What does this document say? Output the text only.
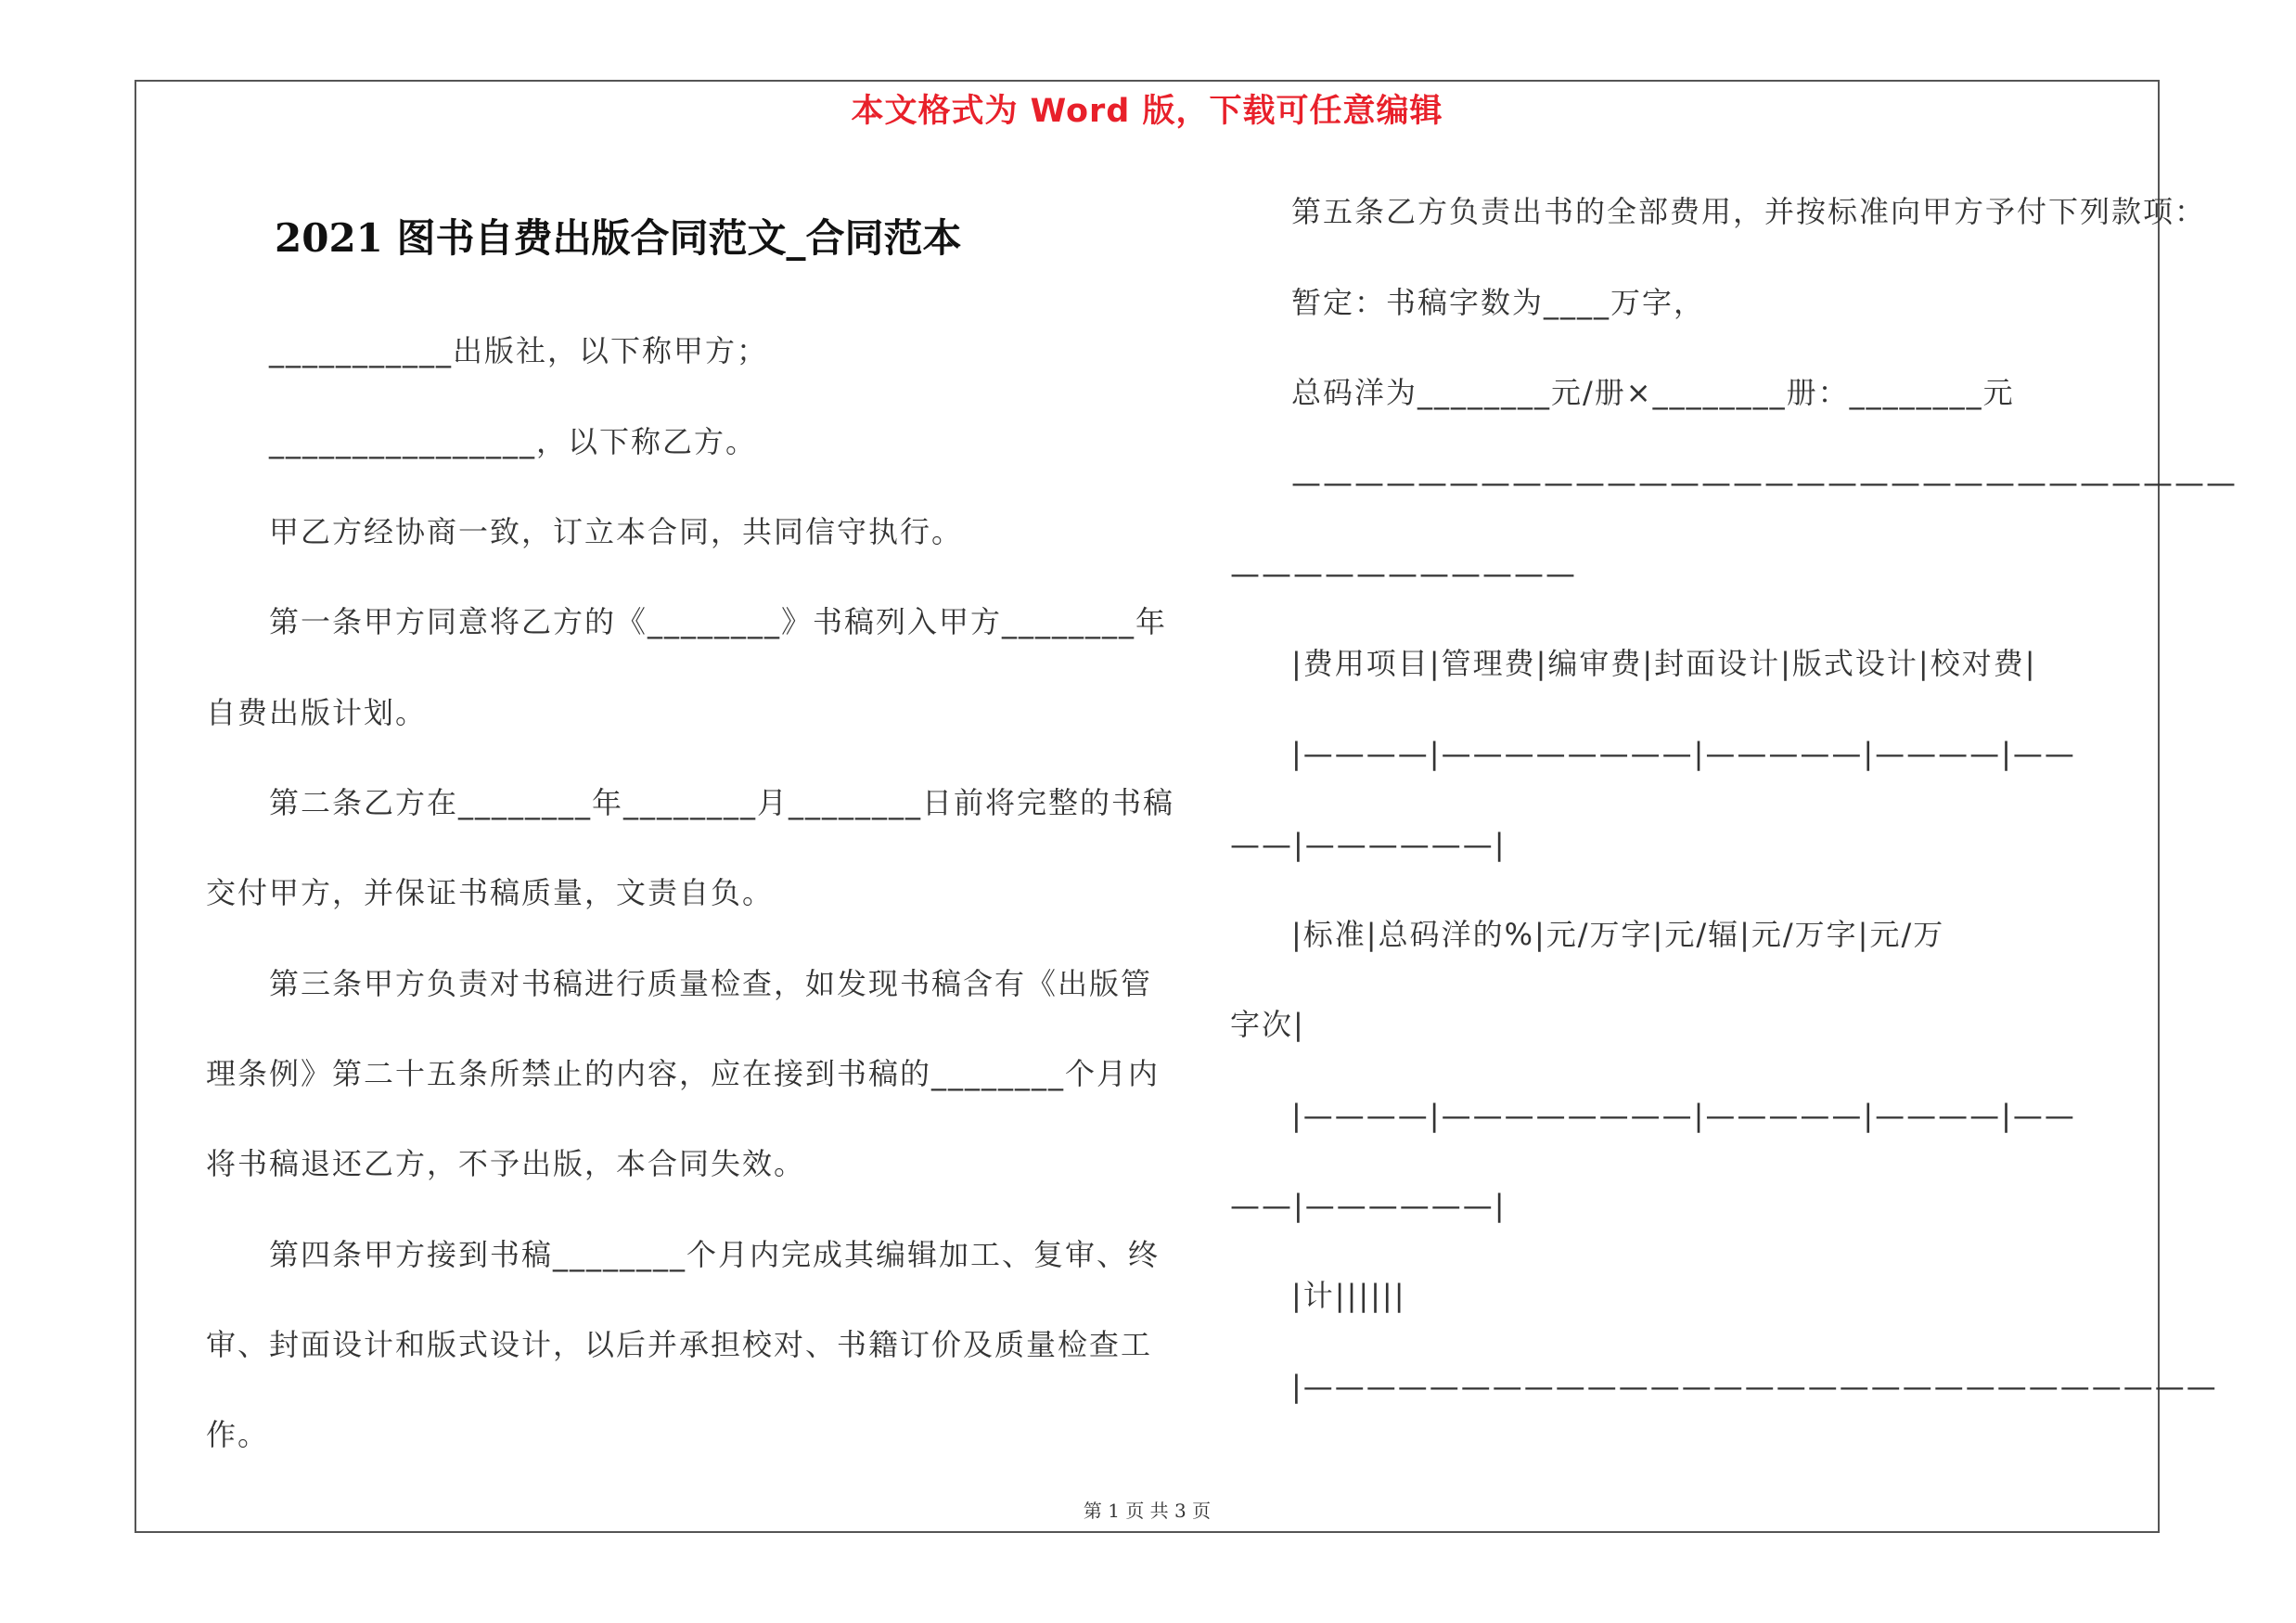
本文格式为 Word 版，下载可任意编辑
2021 图书自费出版合同范文_合同范本
___________出版社，以下称甲方；
________________，以下称乙方。
甲乙方经协商一致，订立本合同，共同信守执行。
第一条甲方同意将乙方的《________》书稿列入甲方________年
自费出版计划。
第二条乙方在________年________月________日前将完整的书稿
交付甲方，并保证书稿质量，文责自负。
第三条甲方负责对书稿进行质量检查，如发现书稿含有《出版管
理条例》第二十五条所禁止的内容，应在接到书稿的________个月内
将书稿退还乙方，不予出版，本合同失效。
第四条甲方接到书稿________个月内完成其编辑加工、复审、终
审、封面设计和版式设计，以后并承担校对、书籍订价及质量检查工
作。
第五条乙方负责出书的全部费用，并按标准向甲方予付下列款项：
暂定：书稿字数为____万字，
总码洋为________元/册×________册：________元
——————————————————————————————
———————————
|费用项目|管理费|编审费|封面设计|版式设计|校对费|
|————|————————|—————|————|——
——|——————|
|标准|总码洋的%|元/万字|元/辐|元/万字|元/万
字次|
|————|————————|—————|————|——
——|——————|
|计||||||
|—————————————————————————————
第 1 页 共 3 页
